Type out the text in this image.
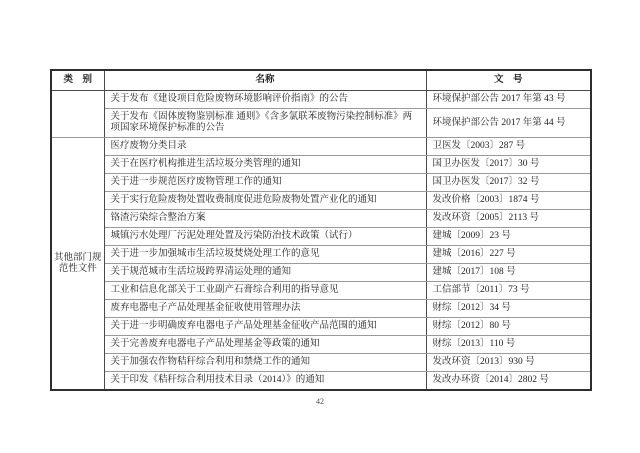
类　别	名称	文　号
	关于发布《建设项目危险废物环境影响评价指南》的公告	环境保护部公告 2017 年第 43 号
	关于发布《固体废物鉴别标准 通则》《含多氯联苯废物污染控制标准》两项国家环境保护标准的公告	环境保护部公告 2017 年第 44 号
其他部门规范性文件	医疗废物分类目录	卫医发〔2003〕287 号
	关于在医疗机构推进生活垃圾分类管理的通知	国卫办医发〔2017〕30 号
	关于进一步规范医疗废物管理工作的通知	国卫办医发〔2017〕32 号
	关于实行危险废物处置收费制度促进危险废物处置产业化的通知	发改价格〔2003〕1874 号
	铬渣污染综合整治方案	发改环资〔2005〕2113 号
	城镇污水处理厂污泥处理处置及污染防治技术政策（试行）	建城〔2009〕23 号
	关于进一步加强城市生活垃圾焚烧处理工作的意见	建城〔2016〕227 号
	关于规范城市生活垃圾跨界清运处理的通知	建城〔2017〕108 号
	工业和信息化部关于工业副产石膏综合利用的指导意见	工信部节〔2011〕73 号
	废弃电器电子产品处理基金征收使用管理办法	财综〔2012〕34 号
	关于进一步明确废弃电器电子产品处理基金征收产品范围的通知	财综〔2012〕80 号
	关于完善废弃电器电子产品处理基金等政策的通知	财综〔2013〕110 号
	关于加强农作物秸秆综合利用和禁烧工作的通知	发改环资〔2013〕930 号
	关于印发《秸秆综合利用技术目录（2014）》的通知	发改办环资〔2014〕2802 号
42
